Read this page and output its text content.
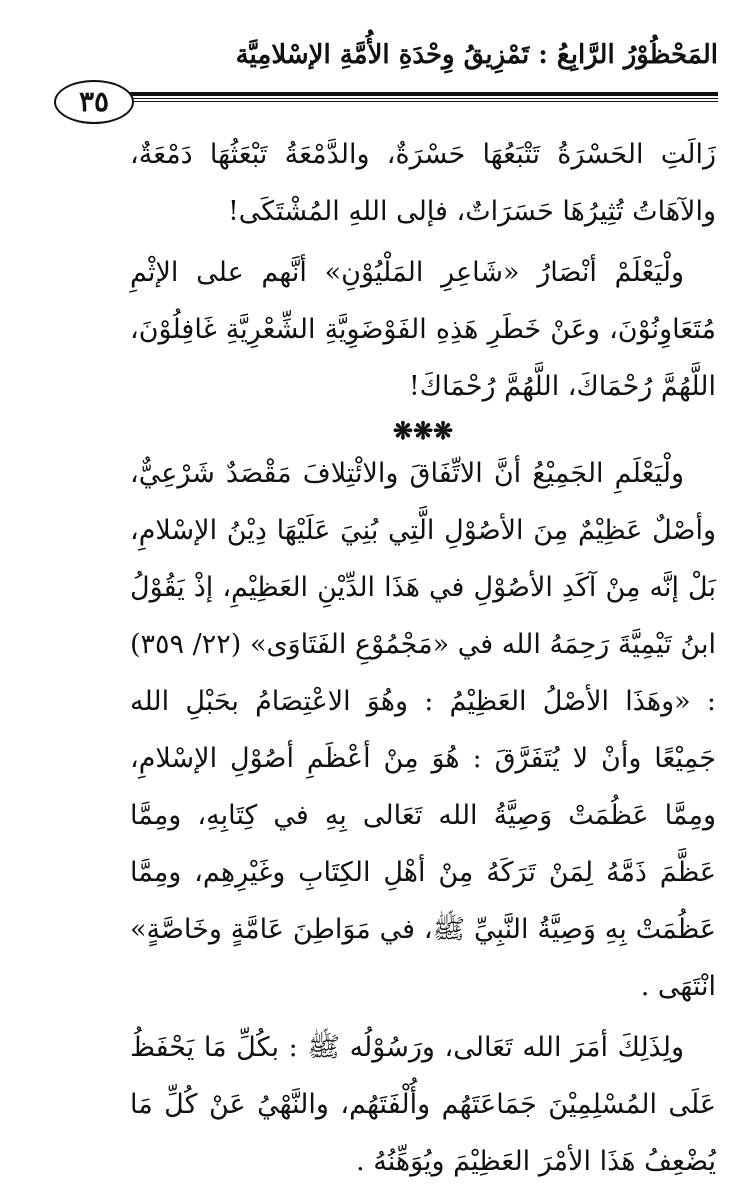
المَحْظُوْرُ الرَّابِعُ : تَمْزِيقُ وِحْدَةِ الأُمَّةِ الإسْلامِيَّة
٣٥

زَالَتِ الحَسْرَةُ تَتْبَعُهَا حَسْرَةٌ، والدَّمْعَةُ تَبْعَثُهَا دَمْعَةٌ، والآهَاتُ تُثِيرُهَا حَسَرَاتٌ، فإلى اللهِ المُشْتَكَى!

ولْيَعْلَمْ أنْصَارُ «شَاعِرِ المَلْيُوْنِ» أنَّهم على الإثْمِ مُتَعَاوِنُوْنَ، وعَنْ خَطَرِ هَذِهِ الفَوْضَوِيَّةِ الشِّعْرِيَّةِ غَافِلُوْنَ، اللَّهُمَّ رُحْمَاكَ، اللَّهُمَّ رُحْمَاكَ!

❋❋❋

ولْيَعْلَمِ الجَمِيْعُ أنَّ الاتِّفَاقَ والائْتِلافَ مَقْصَدٌ شَرْعِيٌّ، وأصْلٌ عَظِيْمٌ مِنَ الأصُوْلِ الَّتِي بُنِيَ عَلَيْهَا دِيْنُ الإسْلامِ، بَلْ إنَّه مِنْ آكَدِ الأصُوْلِ في هَذَا الدِّيْنِ العَظِيْمِ، إذْ يَقُوْلُ ابنُ تَيْمِيَّةَ رَحِمَهُ الله في «مَجْمُوْعِ الفَتَاوَى» (٢٢/ ٣٥٩) : «وهَذَا الأصْلُ العَظِيْمُ : وهُوَ الاعْتِصَامُ بحَبْلِ الله جَمِيْعًا وأنْ لا يُتَفَرَّقَ : هُوَ مِنْ أعْظَمِ أصُوْلِ الإسْلامِ، ومِمَّا عَظُمَتْ وَصِيَّةُ الله تَعَالى بِهِ في كِتَابِهِ، ومِمَّا عَظَّمَ ذَمَّهُ لِمَنْ تَرَكَهُ مِنْ أهْلِ الكِتَابِ وغَيْرِهِم، ومِمَّا عَظُمَتْ بِهِ وَصِيَّةُ النَّبِيِّ ﷺ، في مَوَاطِنَ عَامَّةٍ وخَاصَّةٍ» انْتَهَى .

ولِذَلِكَ أمَرَ الله تَعَالى، ورَسُوْلُه ﷺ : بكُلِّ مَا يَحْفَظُ عَلَى المُسْلِمِيْنَ جَمَاعَتَهُم وأُلْفَتَهُم، والنَّهْيُ عَنْ كُلِّ مَا يُضْعِفُ هَذَا الأمْرَ العَظِيْمَ ويُوَهِّنُهُ .
